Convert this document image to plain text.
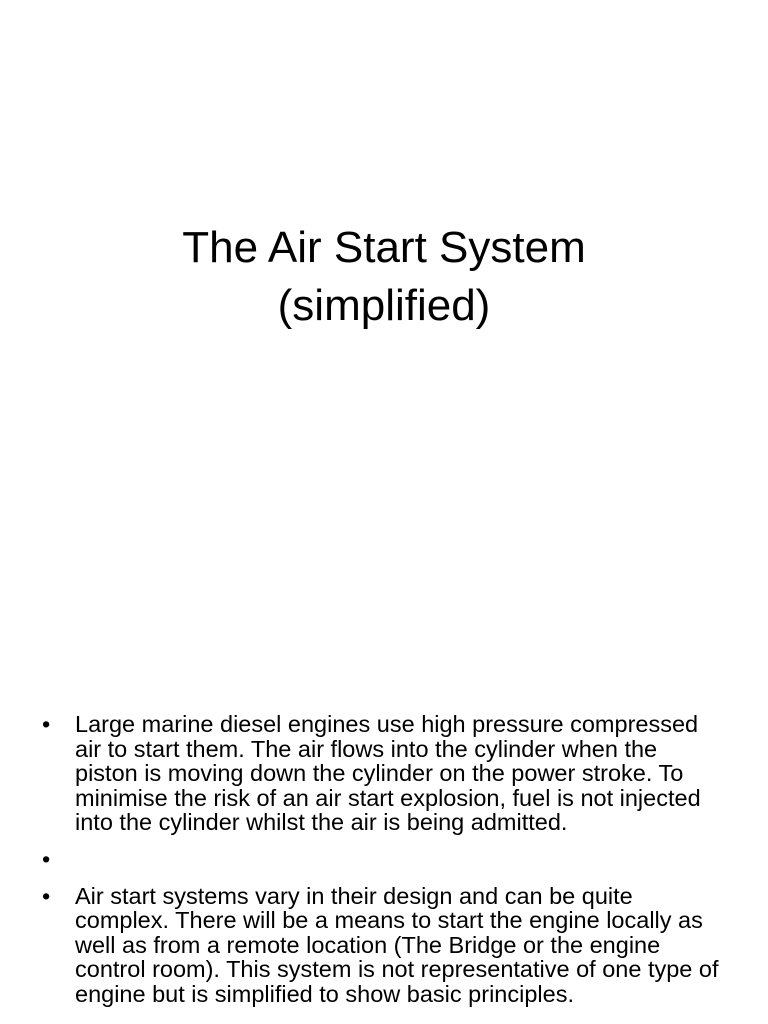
The Air Start System
(simplified)
• Large marine diesel engines use high pressure compressed air to start them. The air flows into the cylinder when the piston is moving down the cylinder on the power stroke. To minimise the risk of an air start explosion, fuel is not injected into the cylinder whilst the air is being admitted.
•
• Air start systems vary in their design and can be quite complex. There will be a means to start the engine locally as well as from a remote location (The Bridge or the engine control room). This system is not representative of one type of engine but is simplified to show basic principles.
